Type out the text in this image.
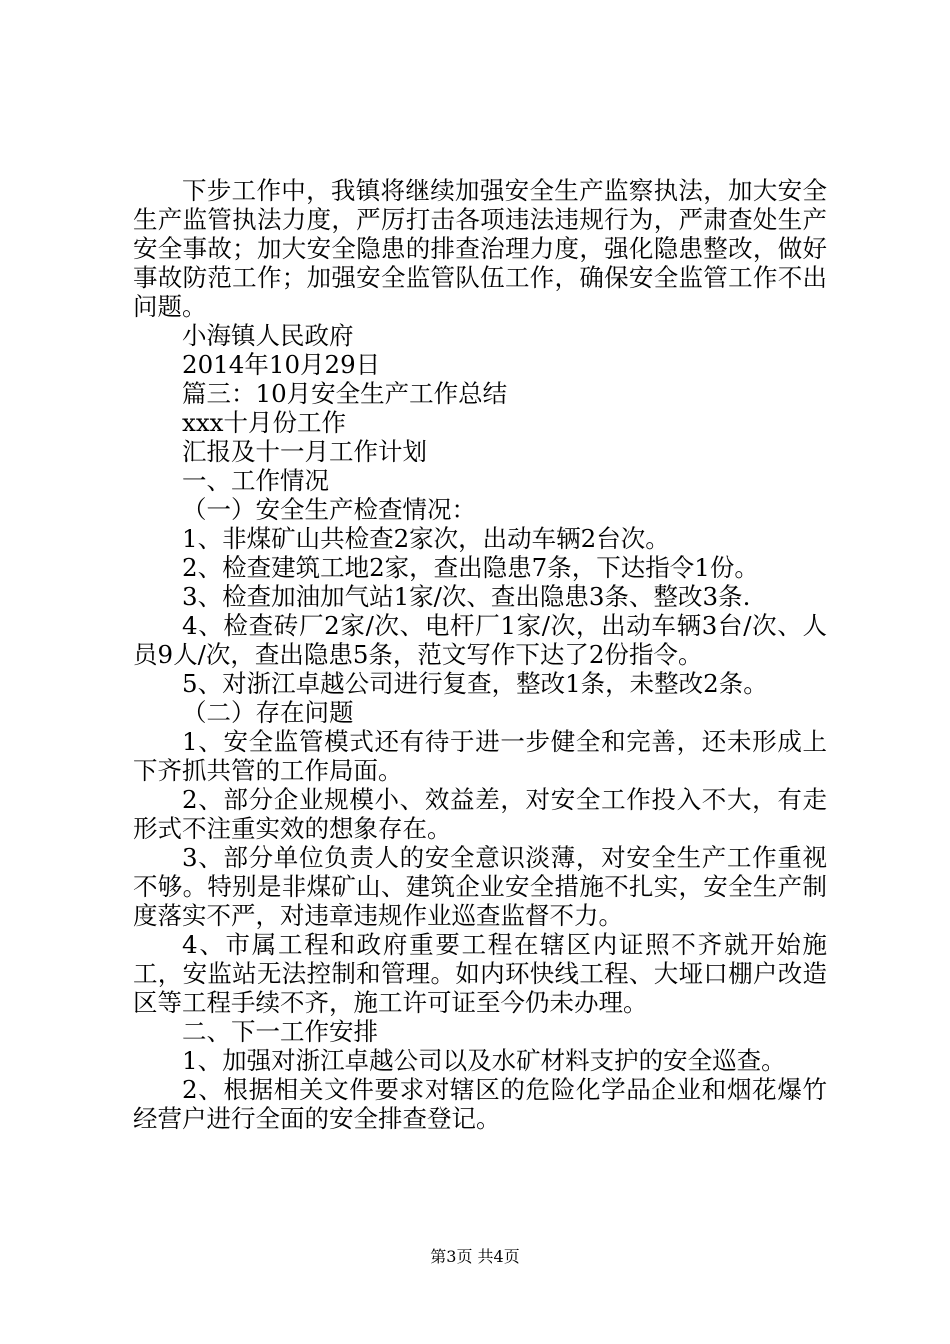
下步工作中，我镇将继续加强安全生产监察执法，加大安全生产监管执法力度，严厉打击各项违法违规行为，严肃查处生产安全事故；加大安全隐患的排查治理力度，强化隐患整改，做好事故防范工作；加强安全监管队伍工作，确保安全监管工作不出问题。

小海镇人民政府

2014年10月29日

篇三：10月安全生产工作总结

xxx十月份工作

汇报及十一月工作计划

一、工作情况

（一）安全生产检查情况：

1、非煤矿山共检查2家次，出动车辆2台次。

2、检查建筑工地2家，查出隐患7条，下达指令1份。

3、检查加油加气站1家/次、查出隐患3条、整改3条.

4、检查砖厂2家/次、电杆厂1家/次，出动车辆3台/次、人员9人/次，查出隐患5条，范文写作下达了2份指令。

5、对浙江卓越公司进行复查，整改1条，未整改2条。

（二）存在问题

1、安全监管模式还有待于进一步健全和完善，还未形成上下齐抓共管的工作局面。

2、部分企业规模小、效益差，对安全工作投入不大，有走形式不注重实效的想象存在。

3、部分单位负责人的安全意识淡薄，对安全生产工作重视不够。特别是非煤矿山、建筑企业安全措施不扎实，安全生产制度落实不严，对违章违规作业巡查监督不力。

4、市属工程和政府重要工程在辖区内证照不齐就开始施工，安监站无法控制和管理。如内环快线工程、大垭口棚户改造区等工程手续不齐，施工许可证至今仍未办理。

二、下一工作安排

1、加强对浙江卓越公司以及水矿材料支护的安全巡查。

2、根据相关文件要求对辖区的危险化学品企业和烟花爆竹经营户进行全面的安全排查登记。

第3页 共4页
